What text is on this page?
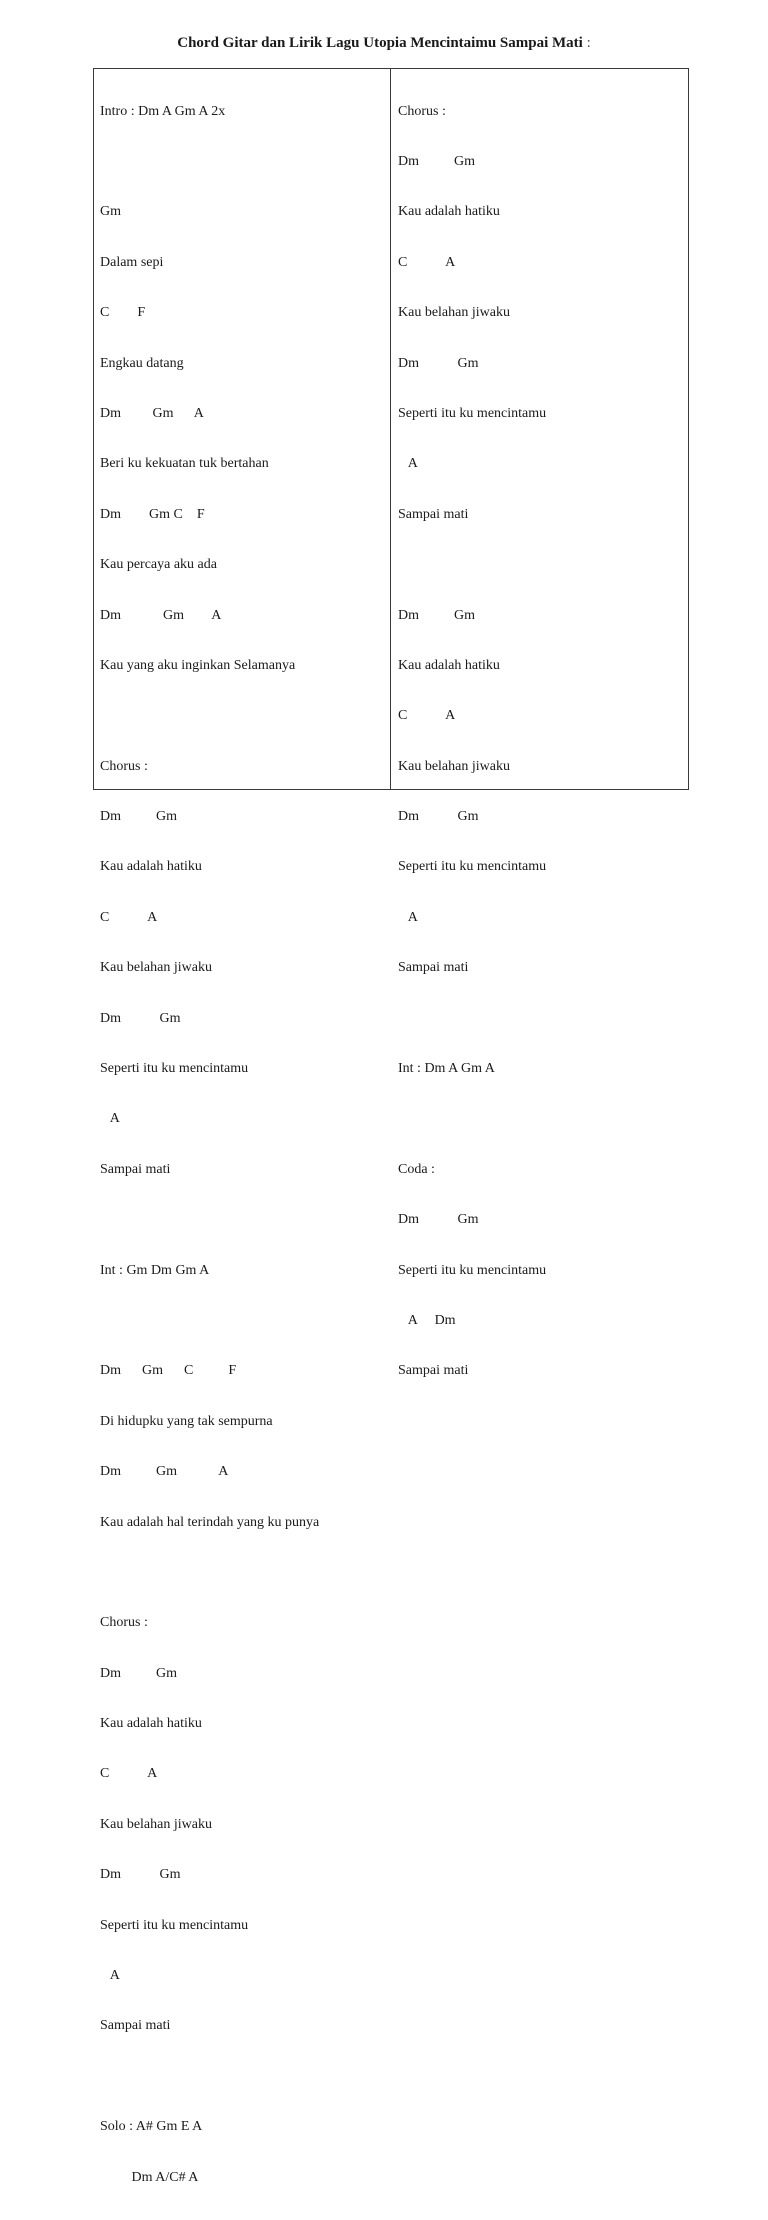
Chord Gitar dan Lirik Lagu Utopia Mencintaimu Sampai Mati :

Intro : Dm A Gm A 2x

Gm

Dalam sepi

C        F

Engkau datang

Dm         Gm      A

Beri ku kekuatan tuk bertahan

Dm        Gm C    F

Kau percaya aku ada

Dm            Gm        A

Kau yang aku inginkan Selamanya

Chorus :

Dm          Gm

Kau adalah hatiku

C           A

Kau belahan jiwaku

Dm           Gm

Seperti itu ku mencintamu

A

Sampai mati

Int : Gm Dm Gm A

Dm      Gm      C          F

Di hidupku yang tak sempurna

Dm          Gm            A

Kau adalah hal terindah yang ku punya

Chorus :

Dm          Gm

Kau adalah hatiku

C           A

Kau belahan jiwaku

Dm           Gm

Seperti itu ku mencintamu

A

Sampai mati

Solo : A# Gm E A

Dm A/C# A

Chorus :

Dm          Gm

Kau adalah hatiku

C           A

Kau belahan jiwaku

Dm           Gm

Seperti itu ku mencintamu

A

Sampai mati

Dm          Gm

Kau adalah hatiku

C           A

Kau belahan jiwaku

Dm           Gm

Seperti itu ku mencintamu

A

Sampai mati

Int : Dm A Gm A

Coda :

Dm           Gm

Seperti itu ku mencintamu

A     Dm

Sampai mati
